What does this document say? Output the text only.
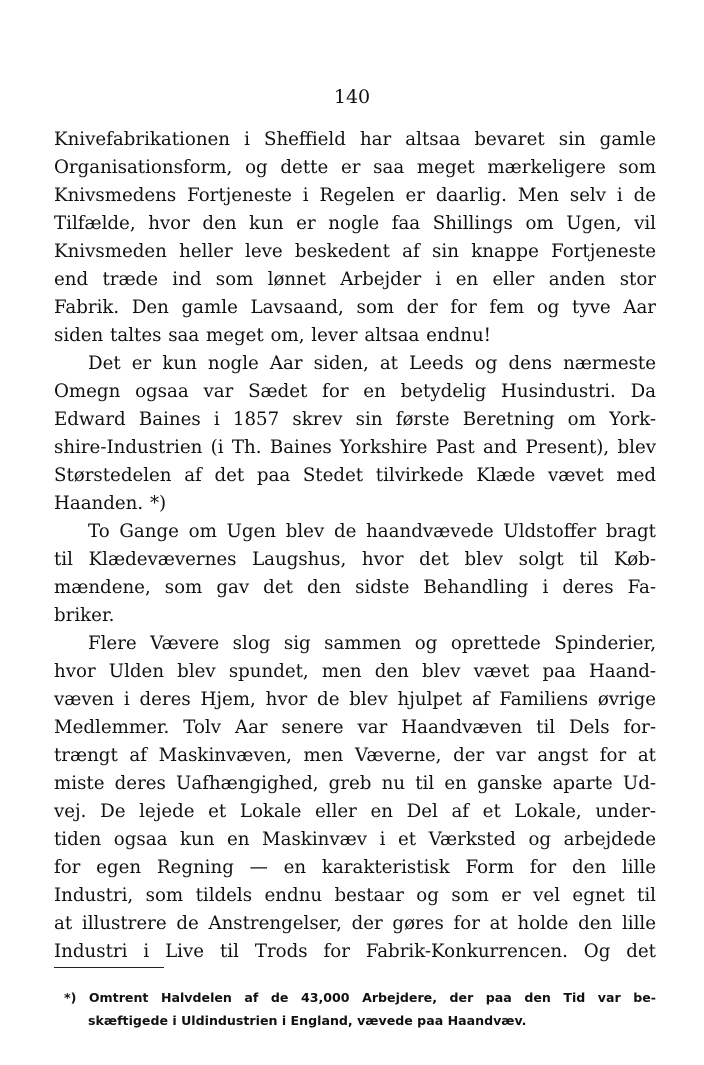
140
Knivefabrikationen i Sheffield har altsaa bevaret sin gamle
Organisationsform, og dette er saa meget mærkeligere som
Knivsmedens Fortjeneste i Regelen er daarlig. Men selv i de
Tilfælde, hvor den kun er nogle faa Shillings om Ugen, vil
Knivsmeden heller leve beskedent af sin knappe Fortjeneste
end træde ind som lønnet Arbejder i en eller anden stor
Fabrik. Den gamle Lavsaand, som der for fem og tyve Aar
siden taltes saa meget om, lever altsaa endnu!
Det er kun nogle Aar siden, at Leeds og dens nærmeste
Omegn ogsaa var Sædet for en betydelig Husindustri. Da
Edward Baines i 1857 skrev sin første Beretning om York-
shire-Industrien (i Th. Baines Yorkshire Past and Present), blev
Størstedelen af det paa Stedet tilvirkede Klæde vævet med
Haanden. *)
To Gange om Ugen blev de haandvævede Uldstoffer bragt
til Klædevævernes Laugshus, hvor det blev solgt til Køb-
mændene, som gav det den sidste Behandling i deres Fa-
briker.
Flere Vævere slog sig sammen og oprettede Spinderier,
hvor Ulden blev spundet, men den blev vævet paa Haand-
væven i deres Hjem, hvor de blev hjulpet af Familiens øvrige
Medlemmer. Tolv Aar senere var Haandvæven til Dels for-
trængt af Maskinvæven, men Væverne, der var angst for at
miste deres Uafhængighed, greb nu til en ganske aparte Ud-
vej. De lejede et Lokale eller en Del af et Lokale, under-
tiden ogsaa kun en Maskinvæv i et Værksted og arbejdede
for egen Regning — en karakteristisk Form for den lille
Industri, som tildels endnu bestaar og som er vel egnet til
at illustrere de Anstrengelser, der gøres for at holde den lille
Industri i Live til Trods for Fabrik-Konkurrencen. Og det
*) Omtrent Halvdelen af de 43,000 Arbejdere, der paa den Tid var be-
skæftigede i Uldindustrien i England, vævede paa Haandvæv.
